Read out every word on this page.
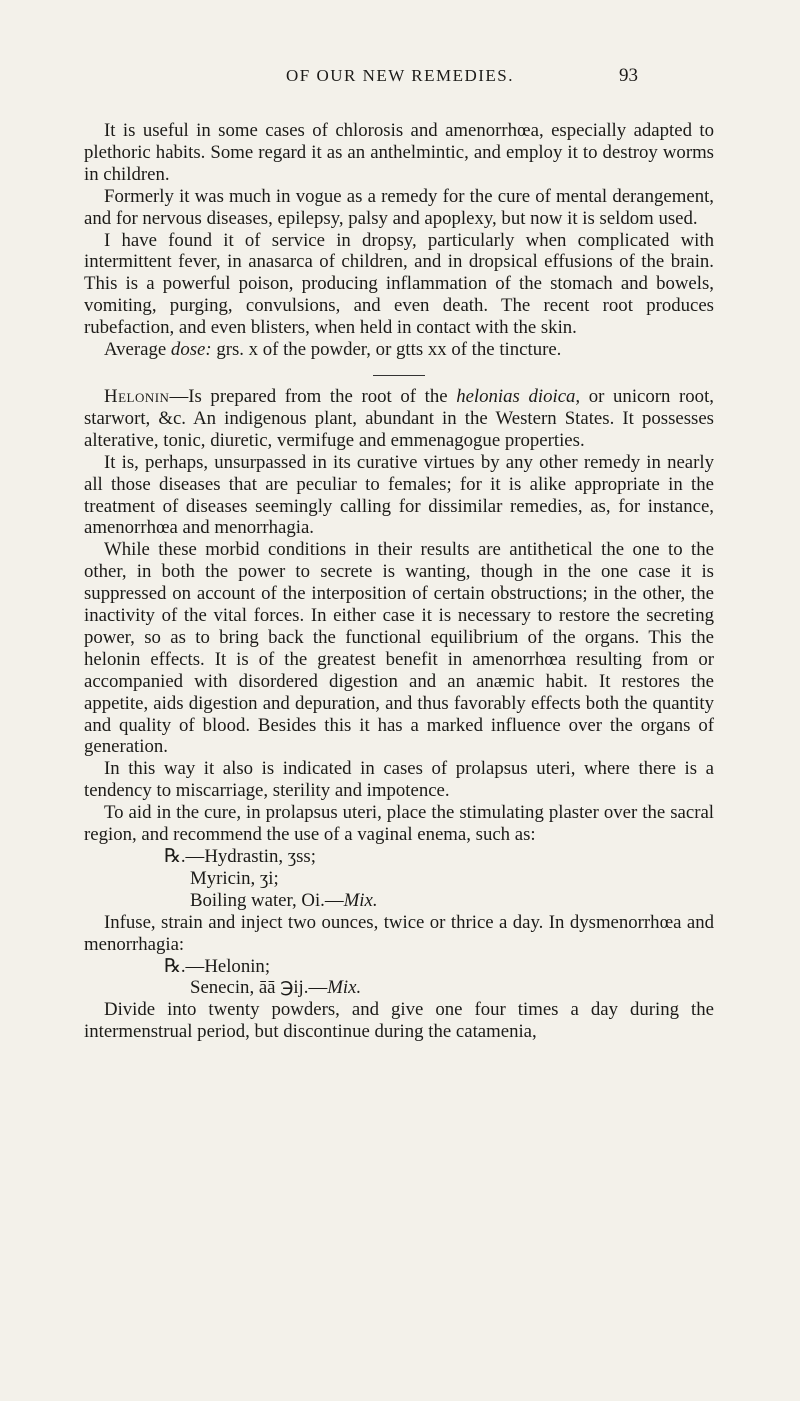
OF OUR NEW REMEDIES.	93

It is useful in some cases of chlorosis and amenorrhœa, especially adapted to plethoric habits. Some regard it as an anthelmintic, and employ it to destroy worms in children.

Formerly it was much in vogue as a remedy for the cure of mental derangement, and for nervous diseases, epilepsy, palsy and apoplexy, but now it is seldom used.

I have found it of service in dropsy, particularly when complicated with intermittent fever, in anasarca of children, and in dropsical effusions of the brain. This is a powerful poison, producing inflammation of the stomach and bowels, vomiting, purging, convulsions, and even death. The recent root produces rubefaction, and even blisters, when held in contact with the skin.

Average dose: grs. x of the powder, or gtts xx of the tincture.

Helonin—Is prepared from the root of the helonias dioica, or unicorn root, starwort, &c. An indigenous plant, abundant in the Western States. It possesses alterative, tonic, diuretic, vermifuge and emmenagogue properties.

It is, perhaps, unsurpassed in its curative virtues by any other remedy in nearly all those diseases that are peculiar to females; for it is alike appropriate in the treatment of diseases seemingly calling for dissimilar remedies, as, for instance, amenorrhœa and menorrhagia.

While these morbid conditions in their results are antithetical the one to the other, in both the power to secrete is wanting, though in the one case it is suppressed on account of the interposition of certain obstructions; in the other, the inactivity of the vital forces. In either case it is necessary to restore the secreting power, so as to bring back the functional equilibrium of the organs. This the helonin effects. It is of the greatest benefit in amenorrhœa resulting from or accompanied with disordered digestion and an anæmic habit. It restores the appetite, aids digestion and depuration, and thus favorably effects both the quantity and quality of blood. Besides this it has a marked influence over the organs of generation.

In this way it also is indicated in cases of prolapsus uteri, where there is a tendency to miscarriage, sterility and impotence.

To aid in the cure, in prolapsus uteri, place the stimulating plaster over the sacral region, and recommend the use of a vaginal enema, such as:

℞.—Hydrastin, ʒss;
Myricin, ʒi;
Boiling water, Oi.—Mix.

Infuse, strain and inject two ounces, twice or thrice a day. In dysmenorrhœa and menorrhagia:

℞.—Helonin;
Senecin, āā ℈ij.—Mix.

Divide into twenty powders, and give one four times a day during the intermenstrual period, but discontinue during the catamenia,
